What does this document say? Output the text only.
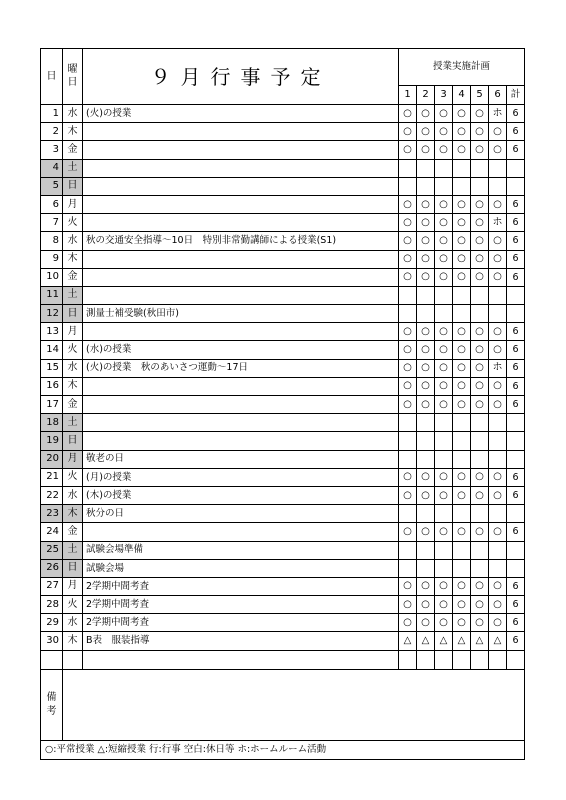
日	曜
日	９月行事予定	授業実施計画						
			1	2	3	4	5	6	計
1	水	(火)の授業	○	○	○	○	○	ホ	6
2	木		○	○	○	○	○	○	6
3	金		○	○	○	○	○	○	6
4	土								
5	日								
6	月		○	○	○	○	○	○	6
7	火		○	○	○	○	○	ホ	6
8	水	秋の交通安全指導～10日　特別非常勤講師による授業(S1)	○	○	○	○	○	○	6
9	木		○	○	○	○	○	○	6
10	金		○	○	○	○	○	○	6
11	土								
12	日	測量士補受験(秋田市)							
13	月		○	○	○	○	○	○	6
14	火	(水)の授業	○	○	○	○	○	○	6
15	水	(火)の授業　秋のあいさつ運動～17日	○	○	○	○	○	ホ	6
16	木		○	○	○	○	○	○	6
17	金		○	○	○	○	○	○	6
18	土								
19	日								
20	月	敬老の日							
21	火	(月)の授業	○	○	○	○	○	○	6
22	水	(木)の授業	○	○	○	○	○	○	6
23	木	秋分の日							
24	金		○	○	○	○	○	○	6
25	土	試験会場準備							
26	日	試験会場							
27	月	2学期中間考査	○	○	○	○	○	○	6
28	火	2学期中間考査	○	○	○	○	○	○	6
29	水	2学期中間考査	○	○	○	○	○	○	6
30	木	B表　服装指導	△	△	△	△	△	△	6

備
考									
○:平常授業 △:短縮授業 行:行事 空白:休日等 ホ:ホームルーム活動									
